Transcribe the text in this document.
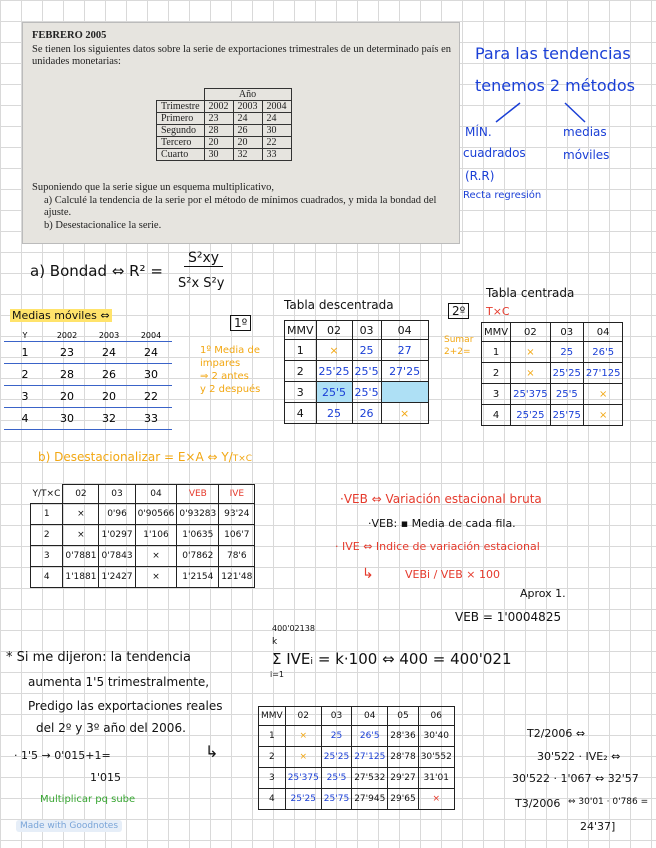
FEBRERO 2005
Se tienen los siguientes datos sobre la serie de exportaciones trimestrales de un determinado país en unidades monetarias:
	Año		
Trimestre	2002	2003	2004
Primero	23	24	24
Segundo	28	26	30
Tercero	20	20	22
Cuarto	30	32	33
Suponiendo que la serie sigue un esquema multiplicativo,
a) Calculé la tendencia de la serie por el método de mínimos cuadrados, y mida la bondad del ajuste.
b) Desestacionalice la serie.
Para las tendencias
tenemos 2 métodos
MÍN.
cuadrados
(R.R)
Recta regresión
medias
móviles
a) Bondad ⇔ R² =
S²xy
S²x S²y
Medias móviles ⇔
Y	2002	2003	2004
1	23	24	24
2	28	26	30
3	20	20	22
4	30	32	33
1º
1º Media de impares
⇒ 2 antes
y 2 después
Tabla descentrada
MMV	02	03	04
1	×	25	27
2	25'25	25'5	27'25
3	25'5	25'5	
4	25	26	×
2º
Sumar
2+2=
Tabla centrada
T×C
MMV	02	03	04
1	×	25	26'5
2	×	25'25	27'125
3	25'375	25'5	×
4	25'25	25'75	×
b) Desestacionalizar = E×A ⇔ Y/T×C
Y/T×C	02	03	04	VEB	IVE
1	×	0'96	0'90566	0'93283	93'24
2	×	1'0297	1'106	1'0635	106'7
3	0'7881	0'7843	×	0'7862	78'6
4	1'1881	1'2427	×	1'2154	121'48
400'02138
·VEB ⇔ Variación estacional bruta
·VEB: ▪ Media de cada fila.
· IVE ⇔ Indice de variación estacional
↳	VEBi / VEB × 100
Aprox 1.
VEB = 1'0004825
k
Σ IVEᵢ = k·100 ⇔ 400 = 400'021
i=1
* Si me dijeron: la tendencia
aumenta 1'5 trimestralmente,
Predigo las exportaciones reales
del 2º y 3º año del 2006.
· 1'5 → 0'015+1=
1'015
Multiplicar pq sube
↳
MMV	02	03	04	05	06
1	×	25	26'5	28'36	30'40
2	×	25'25	27'125	28'78	30'552
3	25'375	25'5	27'532	29'27	31'01
4	25'25	25'75	27'945	29'65	×
T2/2006 ⇔
30'522 · IVE₂ ⇔
30'522 · 1'067 ⇔ 32'57
T3/2006 ⇔ 30'01 · 0'786 =
24'37]
Made with Goodnotes
